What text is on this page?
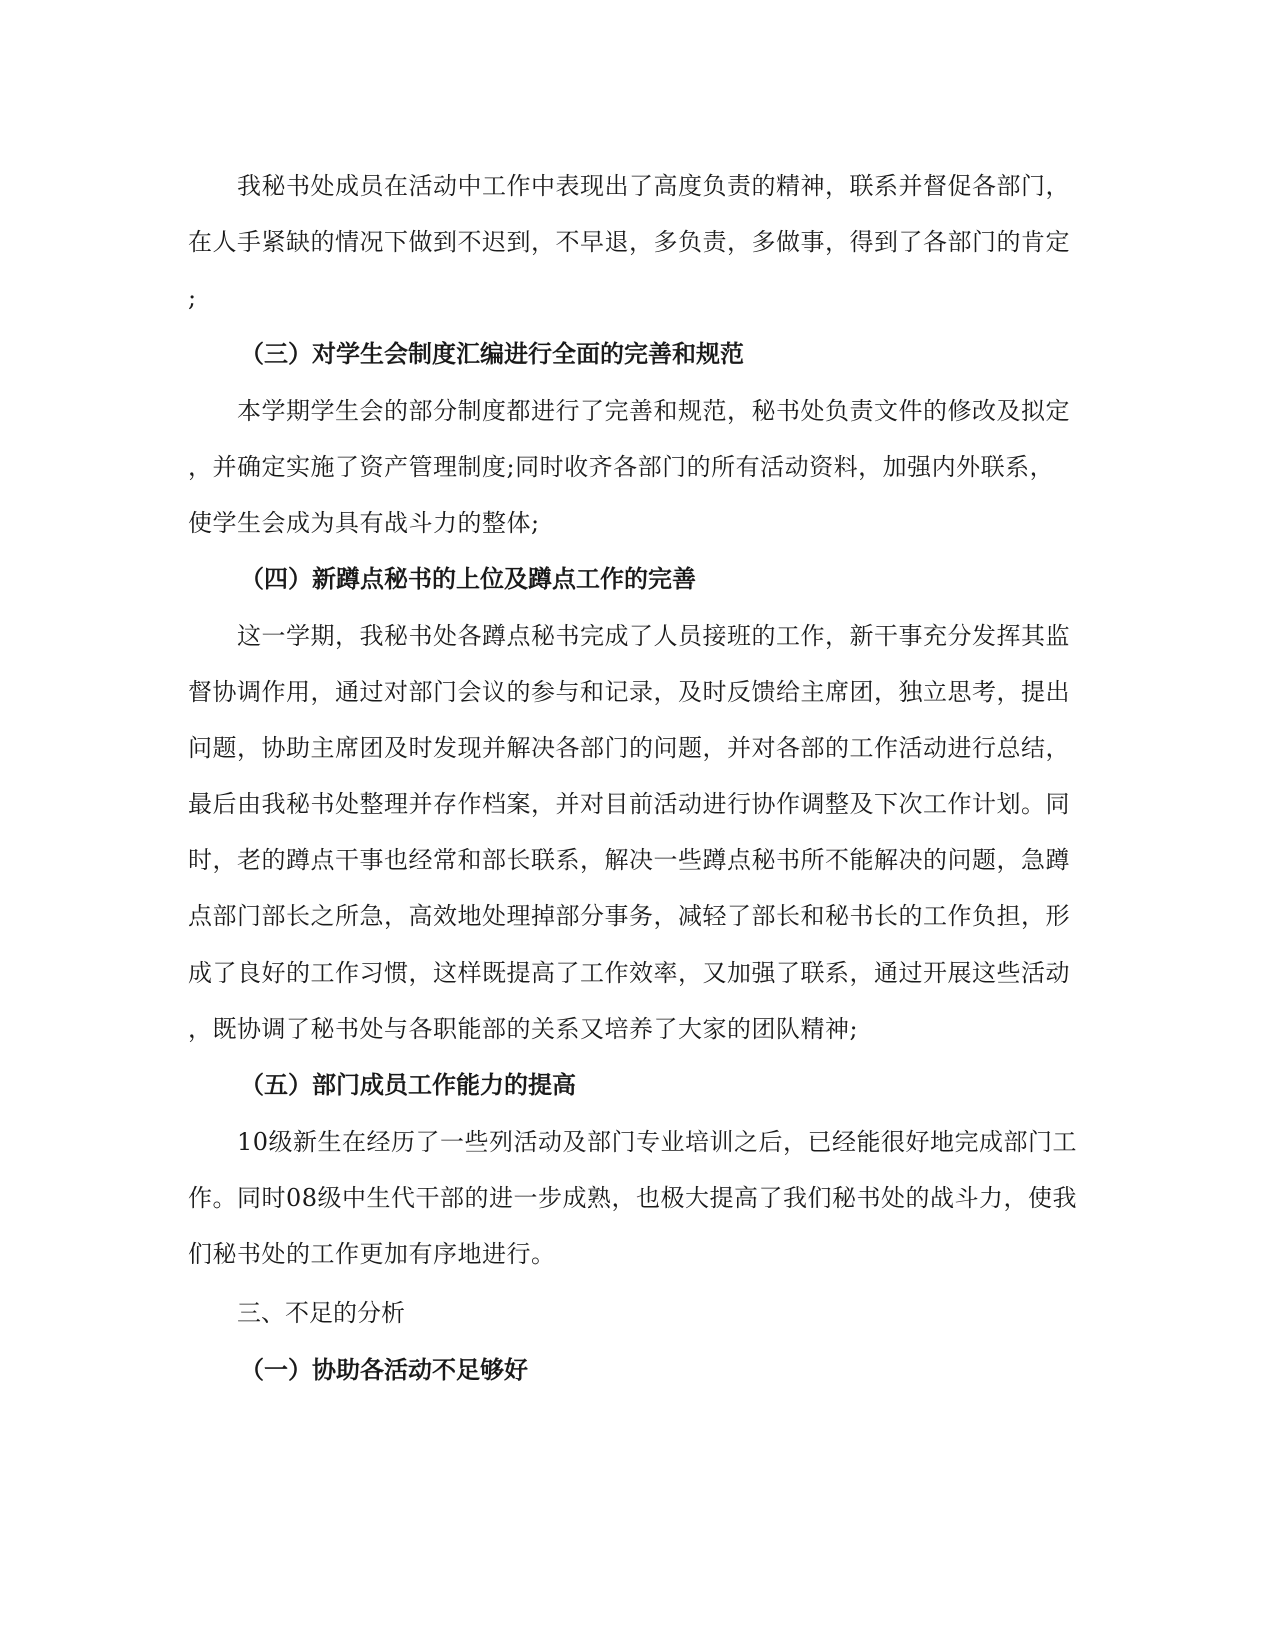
我秘书处成员在活动中工作中表现出了高度负责的精神，联系并督促各部门，
在人手紧缺的情况下做到不迟到，不早退，多负责，多做事，得到了各部门的肯定
;
（三）对学生会制度汇编进行全面的完善和规范
本学期学生会的部分制度都进行了完善和规范，秘书处负责文件的修改及拟定
，并确定实施了资产管理制度;同时收齐各部门的所有活动资料，加强内外联系，
使学生会成为具有战斗力的整体;
（四）新蹲点秘书的上位及蹲点工作的完善
这一学期，我秘书处各蹲点秘书完成了人员接班的工作，新干事充分发挥其监
督协调作用，通过对部门会议的参与和记录，及时反馈给主席团，独立思考，提出
问题，协助主席团及时发现并解决各部门的问题，并对各部的工作活动进行总结，
最后由我秘书处整理并存作档案，并对目前活动进行协作调整及下次工作计划。同
时，老的蹲点干事也经常和部长联系，解决一些蹲点秘书所不能解决的问题，急蹲
点部门部长之所急，高效地处理掉部分事务，减轻了部长和秘书长的工作负担，形
成了良好的工作习惯，这样既提高了工作效率，又加强了联系，通过开展这些活动
，既协调了秘书处与各职能部的关系又培养了大家的团队精神;
（五）部门成员工作能力的提高
10级新生在经历了一些列活动及部门专业培训之后，已经能很好地完成部门工
作。同时08级中生代干部的进一步成熟，也极大提高了我们秘书处的战斗力，使我
们秘书处的工作更加有序地进行。
三、不足的分析
（一）协助各活动不足够好
